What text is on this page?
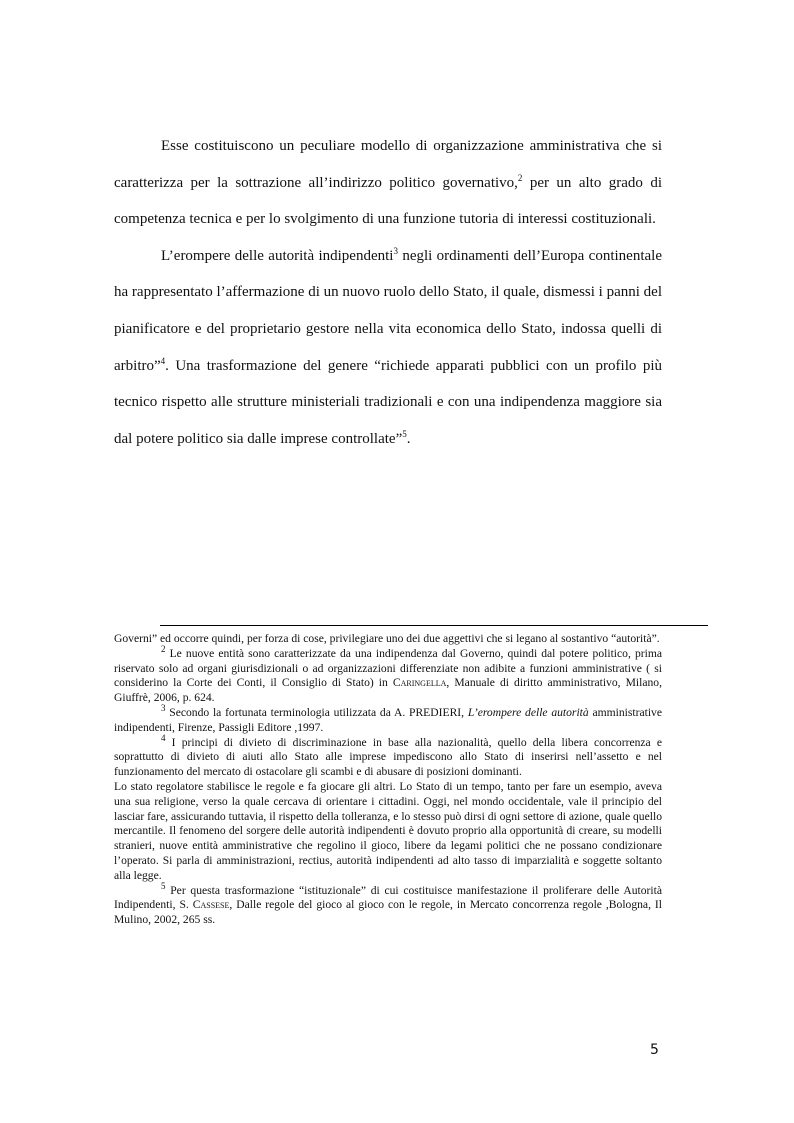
Esse costituiscono un peculiare modello di organizzazione amministrativa che si caratterizza per la sottrazione all’indirizzo politico governativo,$^2$ per un alto grado di competenza tecnica e per lo svolgimento di una funzione tutoria di interessi costituzionali.

L’erompere delle autorità indipendenti$^3$ negli ordinamenti dell’Europa continentale ha rappresentato l’affermazione di un nuovo ruolo dello Stato, il quale, dismessi i panni del pianificatore e del proprietario gestore nella vita economica dello Stato, indossa quelli di arbitro”$^4$. Una trasformazione del genere “richiede apparati pubblici con un profilo più tecnico rispetto alle strutture ministeriali tradizionali e con una indipendenza maggiore sia dal potere politico sia dalle imprese controllate”$^5$.

Governi” ed occorre quindi, per forza di cose, privilegiare uno dei due aggettivi che si legano al sostantivo “autorità”.

$^2$ Le nuove entità sono caratterizzate da una indipendenza dal Governo, quindi dal potere politico, prima riservato solo ad organi giurisdizionali o ad organizzazioni differenziate non adibite a funzioni amministrative ( si considerino la Corte dei Conti, il Consiglio di Stato) in Caringella, Manuale di diritto amministrativo, Milano, Giuffrè, 2006, p. 624.

$^3$ Secondo la fortunata terminologia utilizzata da A. PREDIERI, L’erompere delle autorità amministrative indipendenti, Firenze, Passigli Editore ,1997.

$^4$ I principi di divieto di discriminazione in base alla nazionalità, quello della libera concorrenza e soprattutto di divieto di aiuti allo Stato alle imprese impediscono allo Stato di inserirsi nell’assetto e nel funzionamento del mercato di ostacolare gli scambi e di abusare di posizioni dominanti.

Lo stato regolatore stabilisce le regole e fa giocare gli altri. Lo Stato di un tempo, tanto per fare un esempio, aveva una sua religione, verso la quale cercava di orientare i cittadini. Oggi, nel mondo occidentale, vale il principio del lasciar fare, assicurando tuttavia, il rispetto della tolleranza, e lo stesso può dirsi di ogni settore di azione, quale quello mercantile. Il fenomeno del sorgere delle autorità indipendenti è dovuto proprio alla opportunità di creare, su modelli stranieri, nuove entità amministrative che regolino il gioco, libere da legami politici che ne possano condizionare l’operato. Si parla di amministrazioni, rectius, autorità indipendenti ad alto tasso di imparzialità e soggette soltanto alla legge.

$^5$ Per questa trasformazione “istituzionale” di cui costituisce manifestazione il proliferare delle Autorità Indipendenti, S. Cassese, Dalle regole del gioco al gioco con le regole, in Mercato concorrenza regole ,Bologna, Il Mulino, 2002, 265 ss.

5
